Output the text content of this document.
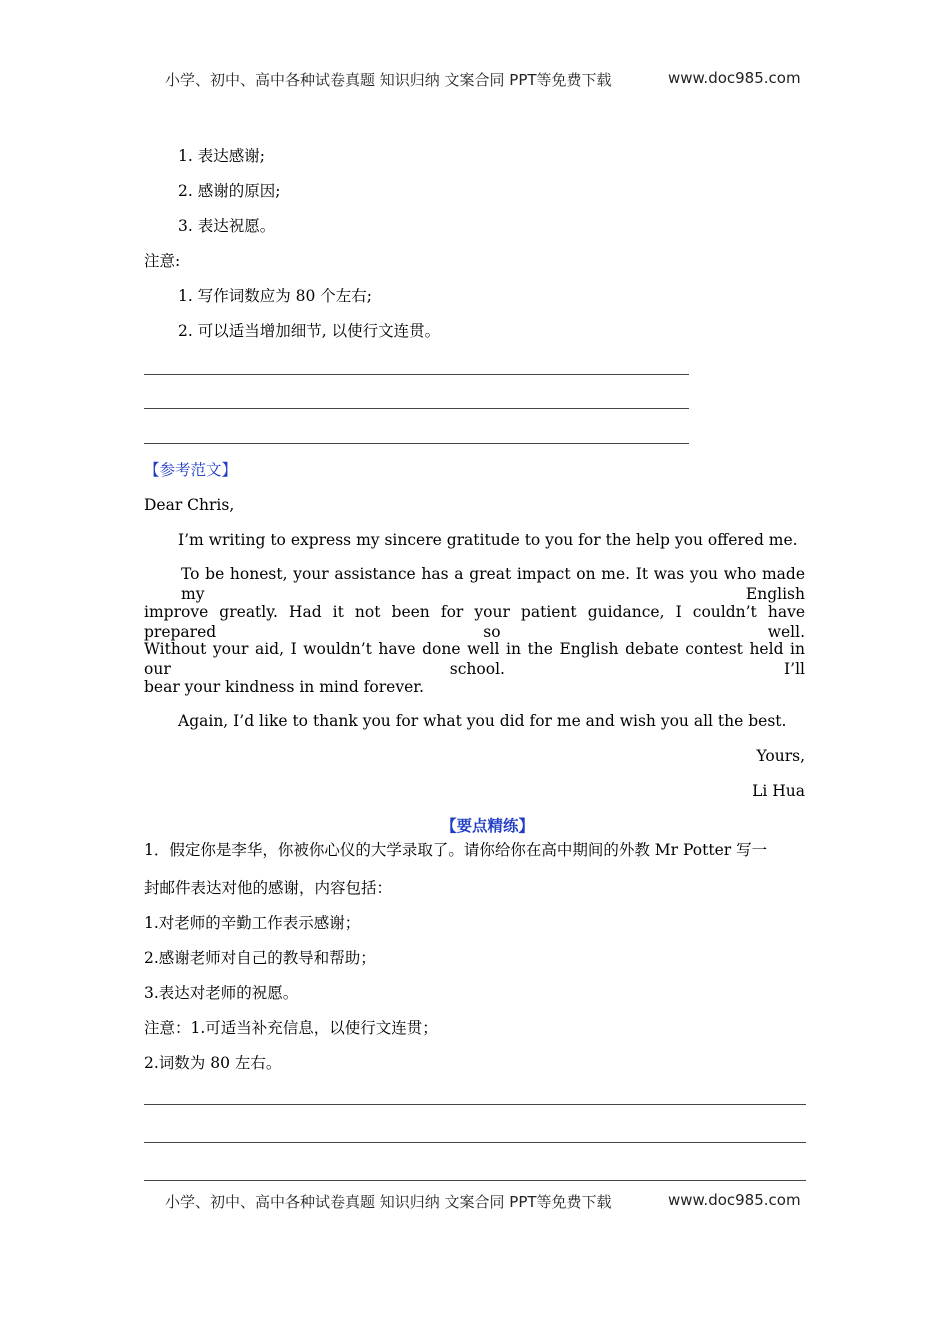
小学、初中、高中各种试卷真题 知识归纳 文案合同 PPT等免费下载	www.doc985.com
1. 表达感谢;
2. 感谢的原因;
3. 表达祝愿。
注意:
1. 写作词数应为 80 个左右;
2. 可以适当增加细节, 以使行文连贯。
【参考范文】
Dear Chris,
I’m writing to express my sincere gratitude to you for the help you offered me.
To be honest, your assistance has a great impact on me. It was you who made my English
improve greatly. Had it not been for your patient guidance, I couldn’t have prepared so well.
Without your aid, I wouldn’t have done well in the English debate contest held in our school. I’ll
bear your kindness in mind forever.
Again, I’d like to thank you for what you did for me and wish you all the best.
Yours,
Li Hua
【要点精练】
1．假定你是李华，你被你心仪的大学录取了。请你给你在高中期间的外教 Mr Potter 写一
封邮件表达对他的感谢，内容包括：
1.对老师的辛勤工作表示感谢；
2.感谢老师对自己的教导和帮助；
3.表达对老师的祝愿。
注意：1.可适当补充信息，以使行文连贯；
2.词数为 80 左右。
小学、初中、高中各种试卷真题 知识归纳 文案合同 PPT等免费下载	www.doc985.com
